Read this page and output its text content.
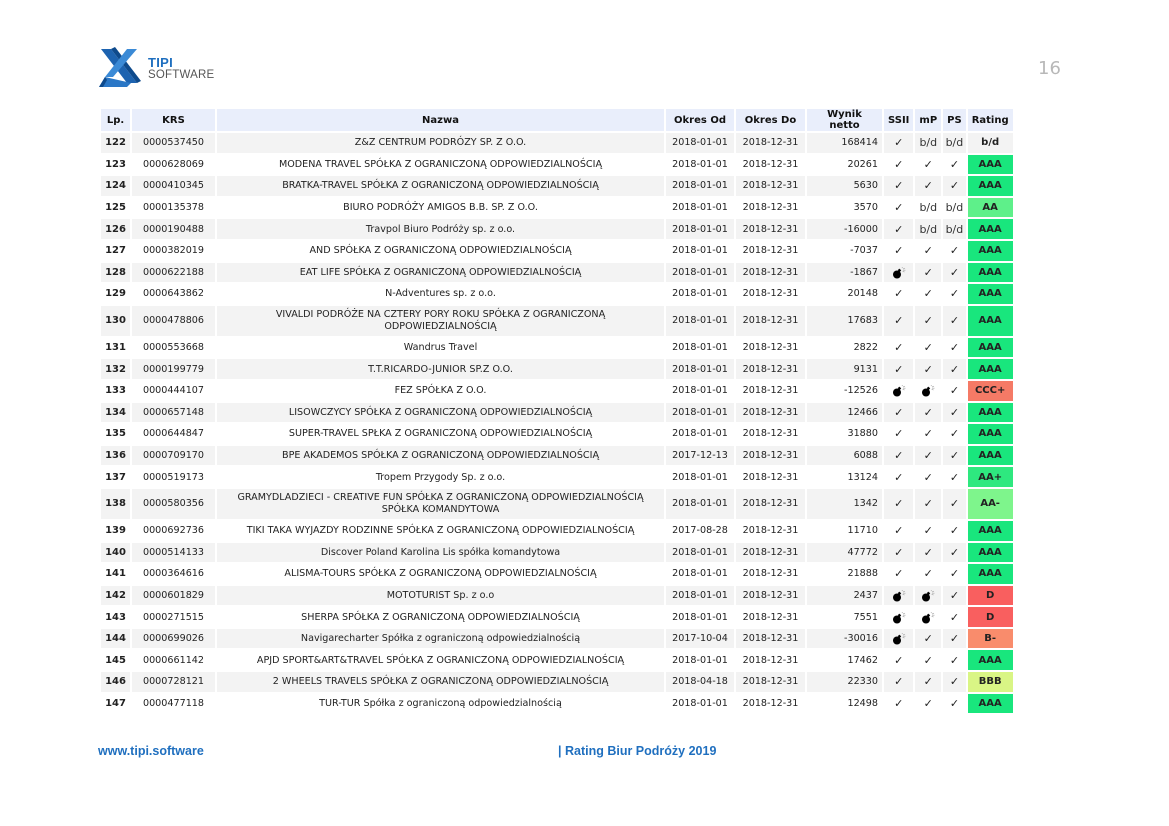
TIPI
SOFTWARE	16
Lp.	KRS	Nazwa	Okres Od	Okres Do	Wynik netto	SSII	mP	PS	Rating
122	0000537450	Z&Z CENTRUM PODRÓZY SP. Z O.O.	2018-01-01	2018-12-31	168414	✓	b/d	b/d	b/d

123	0000628069	MODENA TRAVEL SPÓŁKA Z OGRANICZONĄ ODPOWIEDZIALNOŚCIĄ	2018-01-01	2018-12-31	20261	✓	✓	✓	AAA

124	0000410345	BRATKA-TRAVEL SPÓŁKA Z OGRANICZONĄ ODPOWIEDZIALNOŚCIĄ	2018-01-01	2018-12-31	5630	✓	✓	✓	AAA

125	0000135378	BIURO PODRÓŻY AMIGOS B.B. SP. Z O.O.	2018-01-01	2018-12-31	3570	✓	b/d	b/d	AA

126	0000190488	Travpol Biuro Podróży sp. z o.o.	2018-01-01	2018-12-31	-16000	✓	b/d	b/d	AAA

127	0000382019	AND SPÓŁKA Z OGRANICZONĄ ODPOWIEDZIALNOŚCIĄ	2018-01-01	2018-12-31	-7037	✓	✓	✓	AAA

128	0000622188	EAT LIFE SPÓŁKA Z OGRANICZONĄ ODPOWIEDZIALNOŚCIĄ	2018-01-01	2018-12-31	-1867		✓	✓	AAA

129	0000643862	N-Adventures sp. z o.o.	2018-01-01	2018-12-31	20148	✓	✓	✓	AAA

130	0000478806	VIVALDI PODRÓŻE NA CZTERY PORY ROKU SPÓŁKA Z OGRANICZONĄ ODPOWIEDZIALNOŚCIĄ	2018-01-01	2018-12-31	17683	✓	✓	✓	AAA

131	0000553668	Wandrus Travel	2018-01-01	2018-12-31	2822	✓	✓	✓	AAA

132	0000199779	T.T.RICARDO-JUNIOR SP.Z O.O.	2018-01-01	2018-12-31	9131	✓	✓	✓	AAA

133	0000444107	FEZ SPÓŁKA Z O.O.	2018-01-01	2018-12-31	-12526			✓	CCC+

134	0000657148	LISOWCZYCY SPÓŁKA Z OGRANICZONĄ ODPOWIEDZIALNOŚCIĄ	2018-01-01	2018-12-31	12466	✓	✓	✓	AAA

135	0000644847	SUPER-TRAVEL SPŁKA Z OGRANICZONĄ ODPOWIEDZIALNOŚCIĄ	2018-01-01	2018-12-31	31880	✓	✓	✓	AAA

136	0000709170	BPE AKADEMOS SPÓŁKA Z OGRANICZONĄ ODPOWIEDZIALNOŚCIĄ	2017-12-13	2018-12-31	6088	✓	✓	✓	AAA

137	0000519173	Tropem Przygody Sp. z o.o.	2018-01-01	2018-12-31	13124	✓	✓	✓	AA+

138	0000580356	GRAMYDLADZIECI - CREATIVE FUN SPÓŁKA Z OGRANICZONĄ ODPOWIEDZIALNOŚCIĄ SPÓŁKA KOMANDYTOWA	2018-01-01	2018-12-31	1342	✓	✓	✓	AA-

139	0000692736	TIKI TAKA WYJAZDY RODZINNE SPÓŁKA Z OGRANICZONĄ ODPOWIEDZIALNOŚCIĄ	2017-08-28	2018-12-31	11710	✓	✓	✓	AAA

140	0000514133	Discover Poland Karolina Lis spółka komandytowa	2018-01-01	2018-12-31	47772	✓	✓	✓	AAA

141	0000364616	ALISMA-TOURS SPÓŁKA Z OGRANICZONĄ ODPOWIEDZIALNOŚCIĄ	2018-01-01	2018-12-31	21888	✓	✓	✓	AAA

142	0000601829	MOTOTURIST Sp. z o.o	2018-01-01	2018-12-31	2437			✓	D

143	0000271515	SHERPA SPÓŁKA Z OGRANICZONĄ ODPOWIEDZIALNOŚCIĄ	2018-01-01	2018-12-31	7551			✓	D

144	0000699026	Navigarecharter Spółka z ograniczoną odpowiedzialnością	2017-10-04	2018-12-31	-30016		✓	✓	B-

145	0000661142	APJD SPORT&ART&TRAVEL SPÓŁKA Z OGRANICZONĄ ODPOWIEDZIALNOŚCIĄ	2018-01-01	2018-12-31	17462	✓	✓	✓	AAA

146	0000728121	2 WHEELS TRAVELS SPÓŁKA Z OGRANICZONĄ ODPOWIEDZIALNOŚCIĄ	2018-04-18	2018-12-31	22330	✓	✓	✓	BBB

147	0000477118	TUR-TUR Spółka z ograniczoną odpowiedzialnością	2018-01-01	2018-12-31	12498	✓	✓	✓	AAA
www.tipi.software	| Rating Biur Podróży 2019
